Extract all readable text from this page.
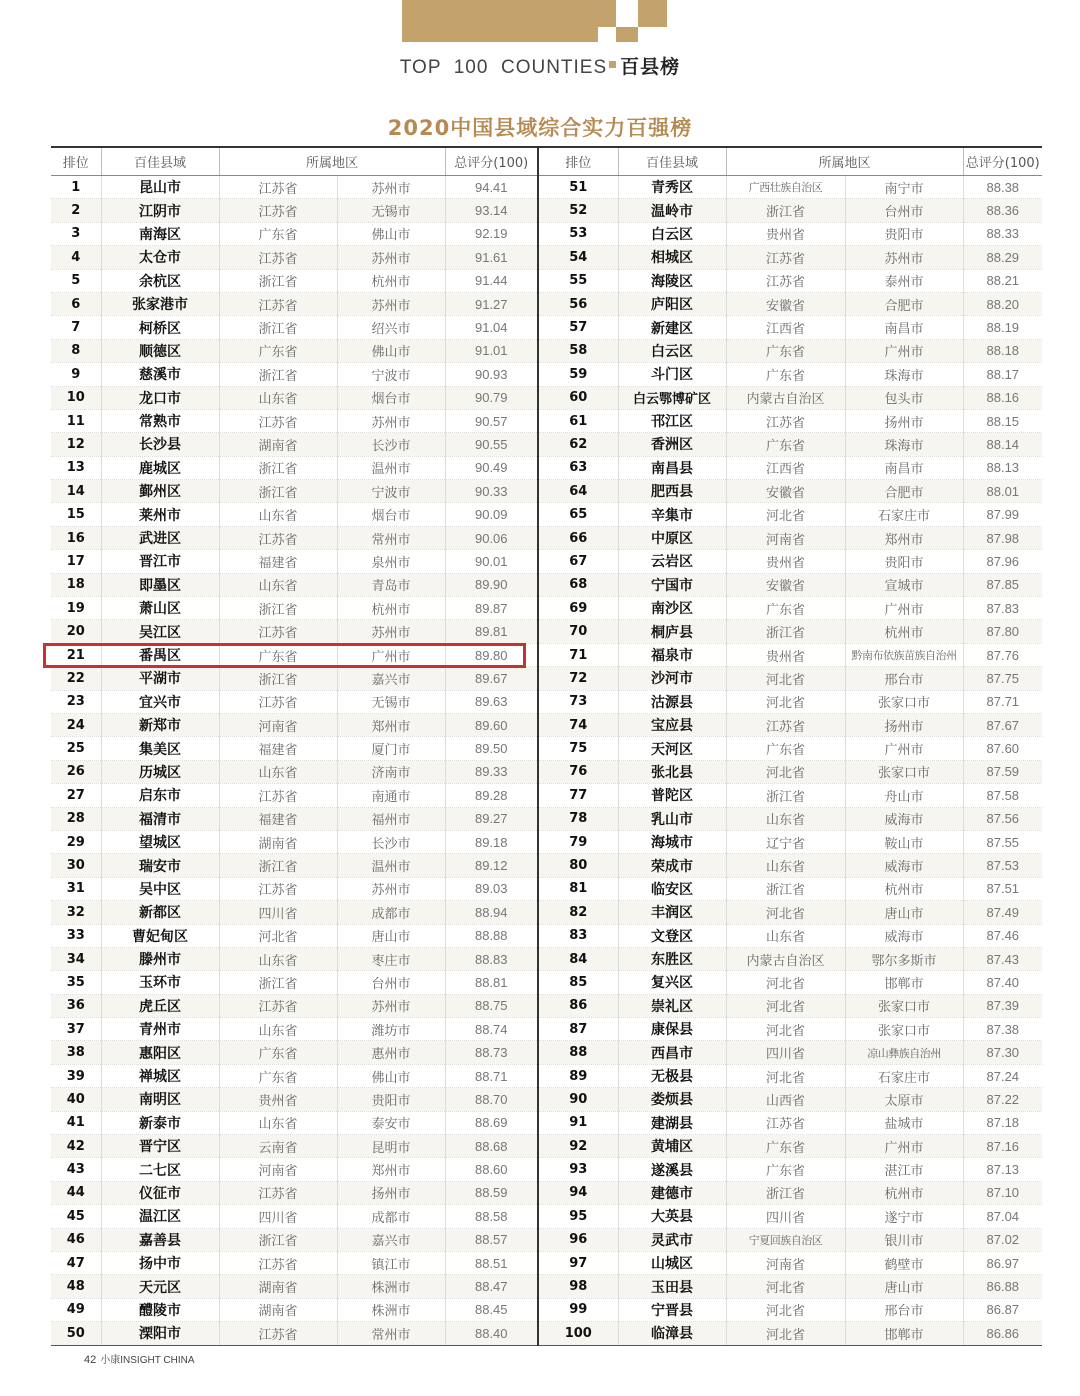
TOP  100  COUNTIES 百县榜
2020中国县域综合实力百强榜
排位	百佳县域	所属地区		总评分(100)	排位	百佳县域	所属地区		总评分(100)
1	昆山市	江苏省	苏州市	94.41	51	青秀区	广西壮族自治区	南宁市	88.38
2	江阴市	江苏省	无锡市	93.14	52	温岭市	浙江省	台州市	88.36
3	南海区	广东省	佛山市	92.19	53	白云区	贵州省	贵阳市	88.33
4	太仓市	江苏省	苏州市	91.61	54	相城区	江苏省	苏州市	88.29
5	余杭区	浙江省	杭州市	91.44	55	海陵区	江苏省	泰州市	88.21
6	张家港市	江苏省	苏州市	91.27	56	庐阳区	安徽省	合肥市	88.20
7	柯桥区	浙江省	绍兴市	91.04	57	新建区	江西省	南昌市	88.19
8	顺德区	广东省	佛山市	91.01	58	白云区	广东省	广州市	88.18
9	慈溪市	浙江省	宁波市	90.93	59	斗门区	广东省	珠海市	88.17
10	龙口市	山东省	烟台市	90.79	60	白云鄂博矿区	内蒙古自治区	包头市	88.16
11	常熟市	江苏省	苏州市	90.57	61	邗江区	江苏省	扬州市	88.15
12	长沙县	湖南省	长沙市	90.55	62	香洲区	广东省	珠海市	88.14
13	鹿城区	浙江省	温州市	90.49	63	南昌县	江西省	南昌市	88.13
14	鄞州区	浙江省	宁波市	90.33	64	肥西县	安徽省	合肥市	88.01
15	莱州市	山东省	烟台市	90.09	65	辛集市	河北省	石家庄市	87.99
16	武进区	江苏省	常州市	90.06	66	中原区	河南省	郑州市	87.98
17	晋江市	福建省	泉州市	90.01	67	云岩区	贵州省	贵阳市	87.96
18	即墨区	山东省	青岛市	89.90	68	宁国市	安徽省	宣城市	87.85
19	萧山区	浙江省	杭州市	89.87	69	南沙区	广东省	广州市	87.83
20	吴江区	江苏省	苏州市	89.81	70	桐庐县	浙江省	杭州市	87.80
21	番禺区	广东省	广州市	89.80	71	福泉市	贵州省	黔南布依族苗族自治州	87.76
22	平湖市	浙江省	嘉兴市	89.67	72	沙河市	河北省	邢台市	87.75
23	宜兴市	江苏省	无锡市	89.63	73	沽源县	河北省	张家口市	87.71
24	新郑市	河南省	郑州市	89.60	74	宝应县	江苏省	扬州市	87.67
25	集美区	福建省	厦门市	89.50	75	天河区	广东省	广州市	87.60
26	历城区	山东省	济南市	89.33	76	张北县	河北省	张家口市	87.59
27	启东市	江苏省	南通市	89.28	77	普陀区	浙江省	舟山市	87.58
28	福清市	福建省	福州市	89.27	78	乳山市	山东省	威海市	87.56
29	望城区	湖南省	长沙市	89.18	79	海城市	辽宁省	鞍山市	87.55
30	瑞安市	浙江省	温州市	89.12	80	荣成市	山东省	威海市	87.53
31	吴中区	江苏省	苏州市	89.03	81	临安区	浙江省	杭州市	87.51
32	新都区	四川省	成都市	88.94	82	丰润区	河北省	唐山市	87.49
33	曹妃甸区	河北省	唐山市	88.88	83	文登区	山东省	威海市	87.46
34	滕州市	山东省	枣庄市	88.83	84	东胜区	内蒙古自治区	鄂尔多斯市	87.43
35	玉环市	浙江省	台州市	88.81	85	复兴区	河北省	邯郸市	87.40
36	虎丘区	江苏省	苏州市	88.75	86	崇礼区	河北省	张家口市	87.39
37	青州市	山东省	潍坊市	88.74	87	康保县	河北省	张家口市	87.38
38	惠阳区	广东省	惠州市	88.73	88	西昌市	四川省	凉山彝族自治州	87.30
39	禅城区	广东省	佛山市	88.71	89	无极县	河北省	石家庄市	87.24
40	南明区	贵州省	贵阳市	88.70	90	娄烦县	山西省	太原市	87.22
41	新泰市	山东省	泰安市	88.69	91	建湖县	江苏省	盐城市	87.18
42	晋宁区	云南省	昆明市	88.68	92	黄埔区	广东省	广州市	87.16
43	二七区	河南省	郑州市	88.60	93	遂溪县	广东省	湛江市	87.13
44	仪征市	江苏省	扬州市	88.59	94	建德市	浙江省	杭州市	87.10
45	温江区	四川省	成都市	88.58	95	大英县	四川省	遂宁市	87.04
46	嘉善县	浙江省	嘉兴市	88.57	96	灵武市	宁夏回族自治区	银川市	87.02
47	扬中市	江苏省	镇江市	88.51	97	山城区	河南省	鹤壁市	86.97
48	天元区	湖南省	株洲市	88.47	98	玉田县	河北省	唐山市	86.88
49	醴陵市	湖南省	株洲市	88.45	99	宁晋县	河北省	邢台市	86.87
50	溧阳市	江苏省	常州市	88.40	100	临漳县	河北省	邯郸市	86.86
42 小康INSIGHT CHINA
